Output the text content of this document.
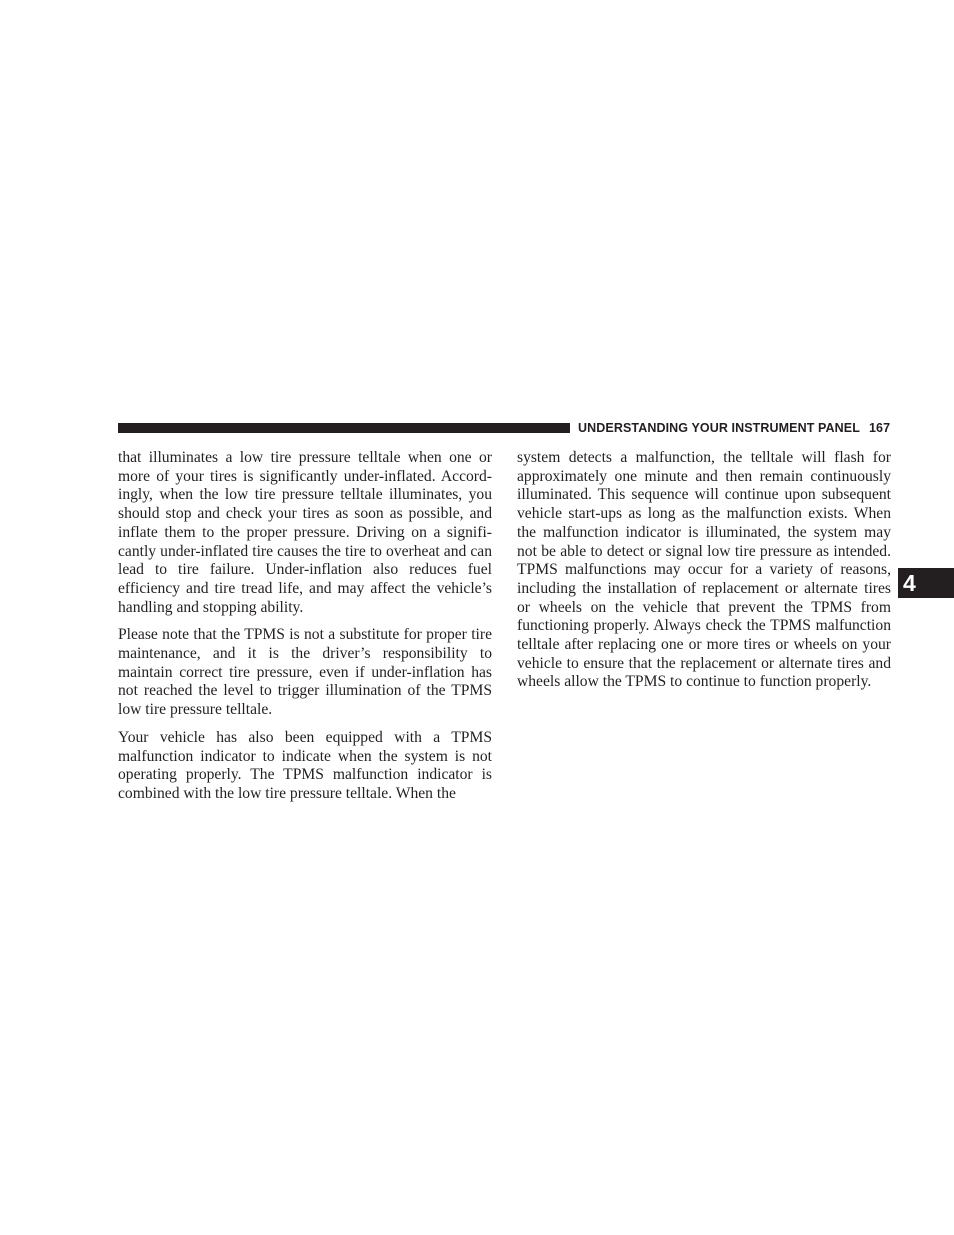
UNDERSTANDING YOUR INSTRUMENT PANEL 167

that illuminates a low tire pressure telltale when one or more of your tires is significantly under-inflated. Accordingly, when the low tire pressure telltale illuminates, you should stop and check your tires as soon as possible, and inflate them to the proper pressure. Driving on a significantly under-inflated tire causes the tire to overheat and can lead to tire failure. Under-inflation also reduces fuel efficiency and tire tread life, and may affect the vehicle’s handling and stopping ability.

Please note that the TPMS is not a substitute for proper tire maintenance, and it is the driver’s responsibility to maintain correct tire pressure, even if under-inflation has not reached the level to trigger illumination of the TPMS low tire pressure telltale.

Your vehicle has also been equipped with a TPMS malfunction indicator to indicate when the system is not operating properly. The TPMS malfunction indicator is combined with the low tire pressure telltale. When the

system detects a malfunction, the telltale will flash for approximately one minute and then remain continuously illuminated. This sequence will continue upon subsequent vehicle start-ups as long as the malfunction exists. When the malfunction indicator is illuminated, the system may not be able to detect or signal low tire pressure as intended. TPMS malfunctions may occur for a variety of reasons, including the installation of replacement or alternate tires or wheels on the vehicle that prevent the TPMS from functioning properly. Always check the TPMS malfunction telltale after replacing one or more tires or wheels on your vehicle to ensure that the replacement or alternate tires and wheels allow the TPMS to continue to function properly.

4
